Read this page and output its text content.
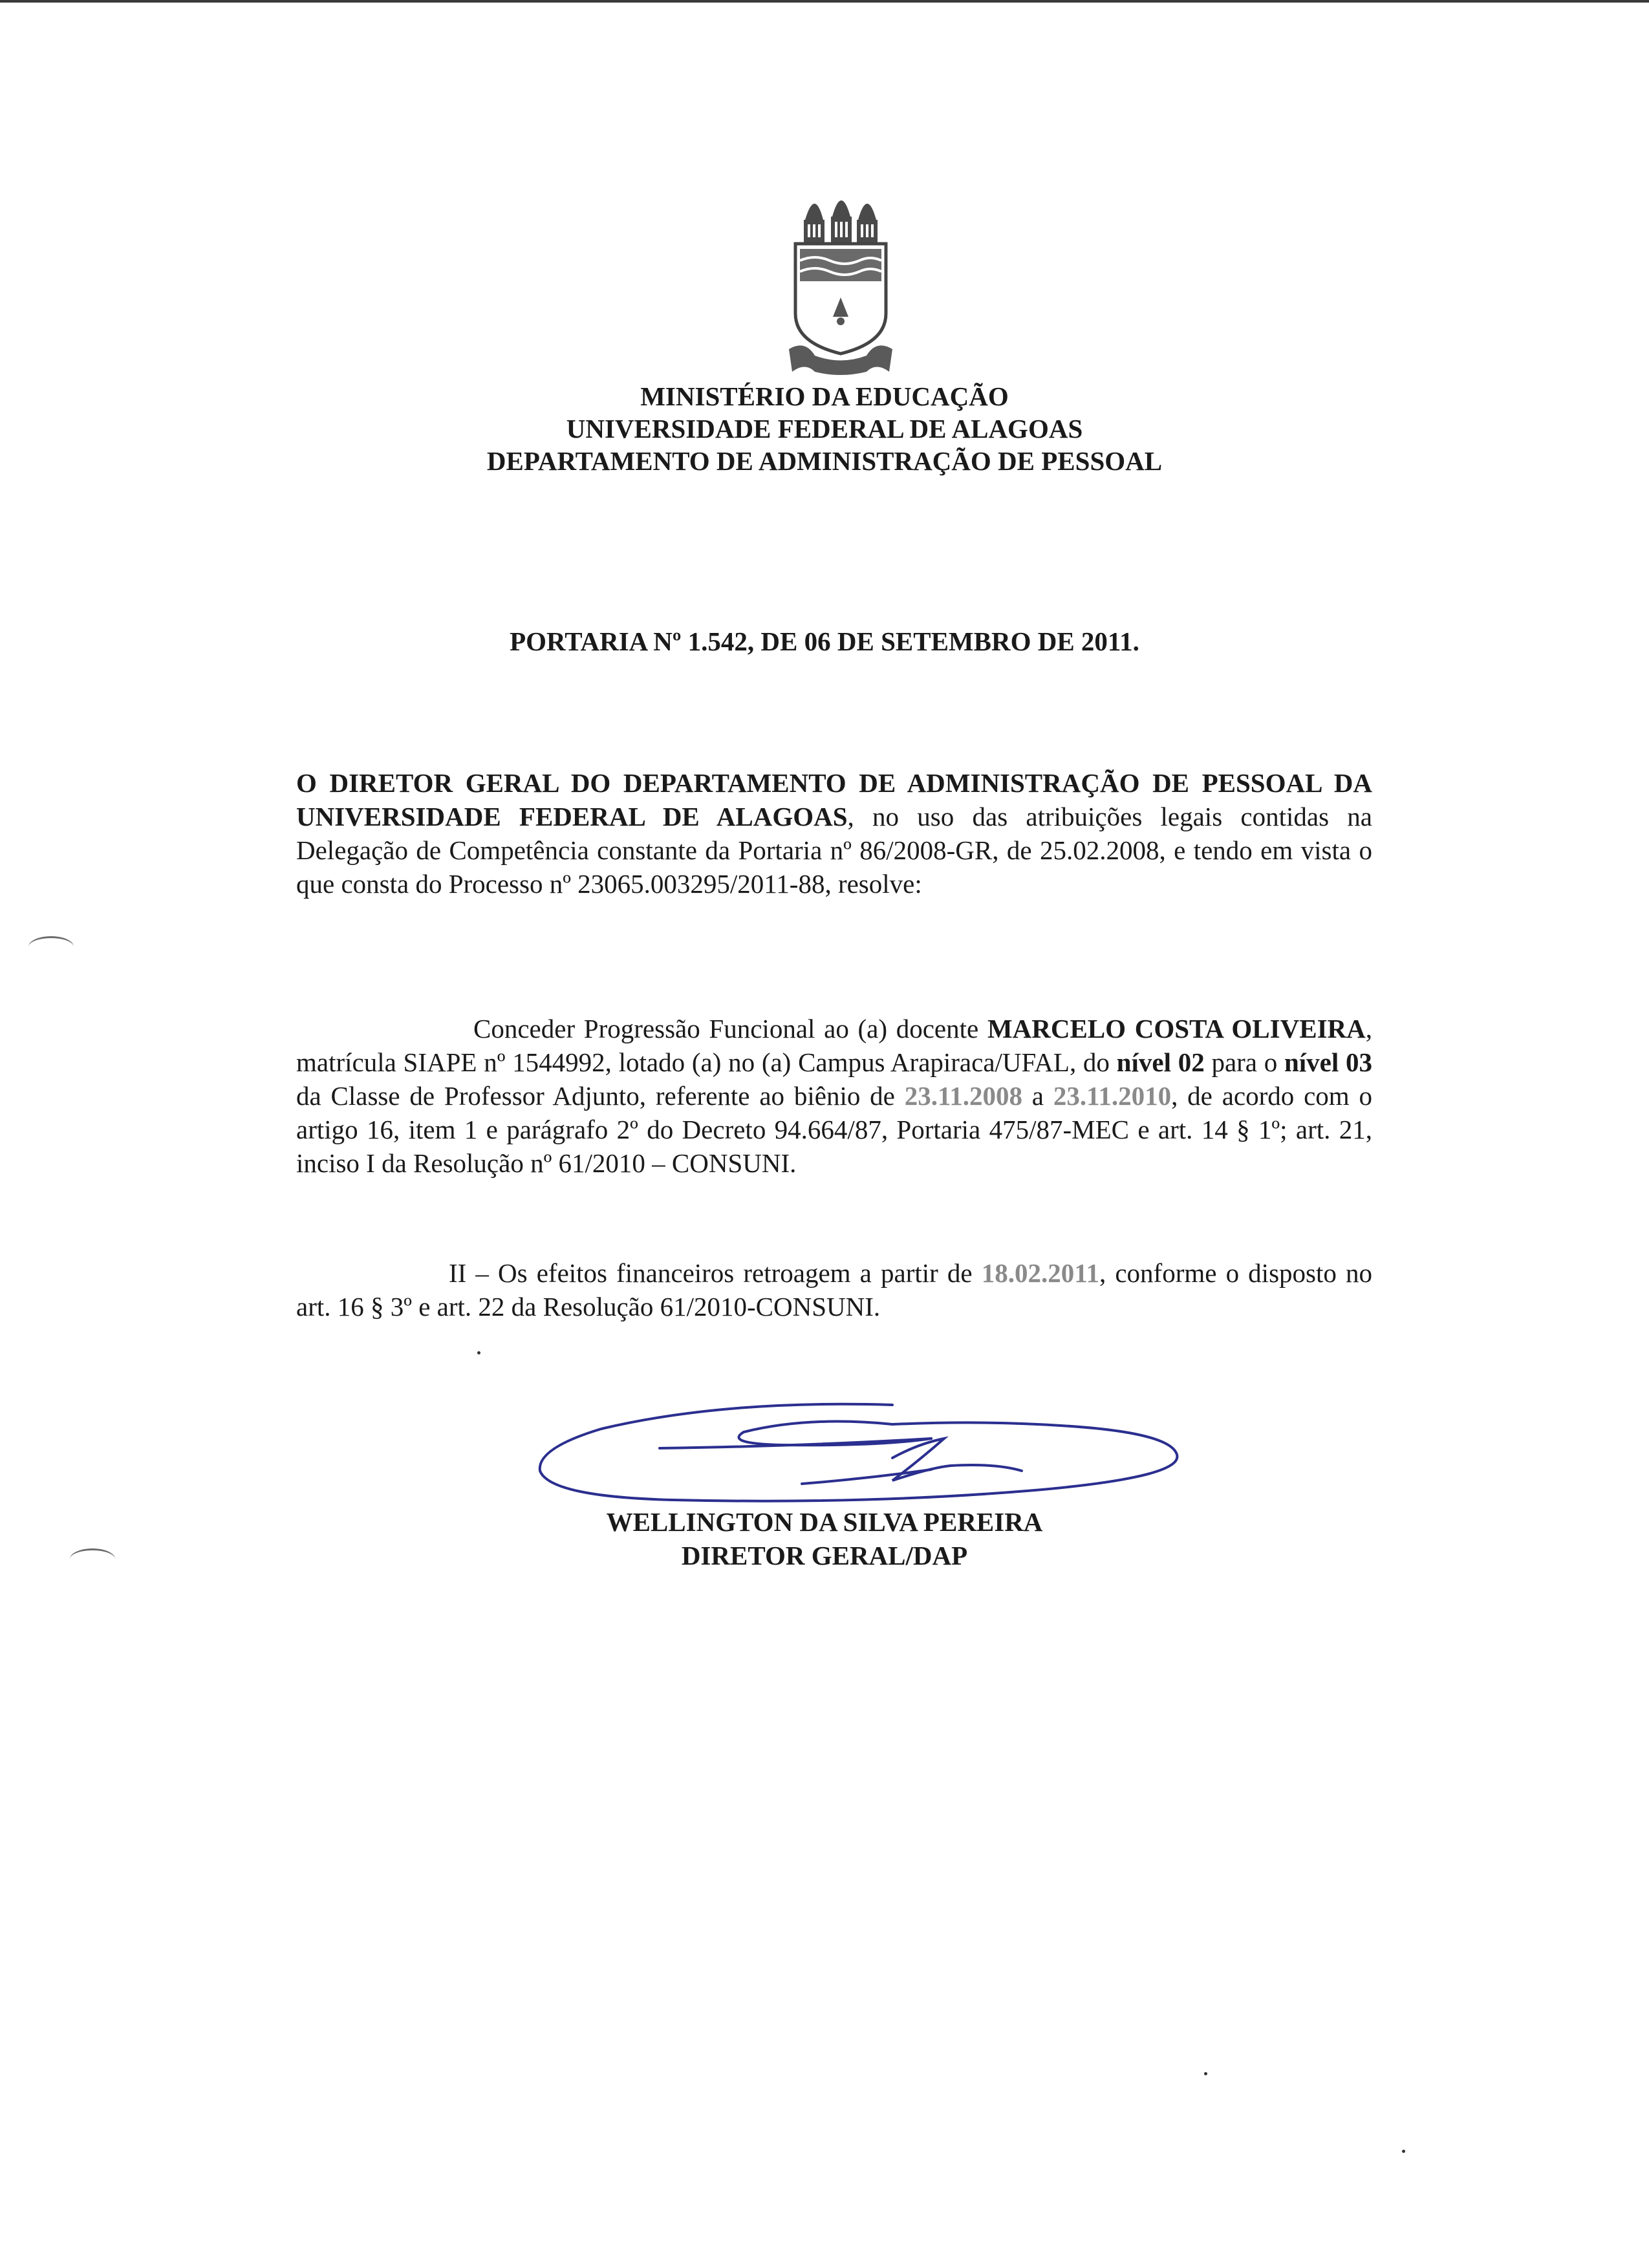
MINISTÉRIO DA EDUCAÇÃO
UNIVERSIDADE FEDERAL DE ALAGOAS
DEPARTAMENTO DE ADMINISTRAÇÃO DE PESSOAL
PORTARIA Nº 1.542, DE 06 DE SETEMBRO DE 2011.
O DIRETOR GERAL DO DEPARTAMENTO DE ADMINISTRAÇÃO DE PESSOAL DA UNIVERSIDADE FEDERAL DE ALAGOAS, no uso das atribuições legais contidas na Delegação de Competência constante da Portaria nº 86/2008-GR, de 25.02.2008, e tendo em vista o que consta do Processo nº 23065.003295/2011-88, resolve:
Conceder Progressão Funcional ao (a) docente MARCELO COSTA OLIVEIRA, matrícula SIAPE nº 1544992, lotado (a) no (a) Campus Arapiraca/UFAL, do nível 02 para o nível 03 da Classe de Professor Adjunto, referente ao biênio de 23.11.2008 a 23.11.2010, de acordo com o artigo 16, item 1 e parágrafo 2º do Decreto 94.664/87, Portaria 475/87-MEC e art. 14 § 1º; art. 21, inciso I da Resolução nº 61/2010 – CONSUNI.
II – Os efeitos financeiros retroagem a partir de 18.02.2011, conforme o disposto no art. 16 § 3º e art. 22 da Resolução 61/2010-CONSUNI.
WELLINGTON DA SILVA PEREIRA
DIRETOR GERAL/DAP
